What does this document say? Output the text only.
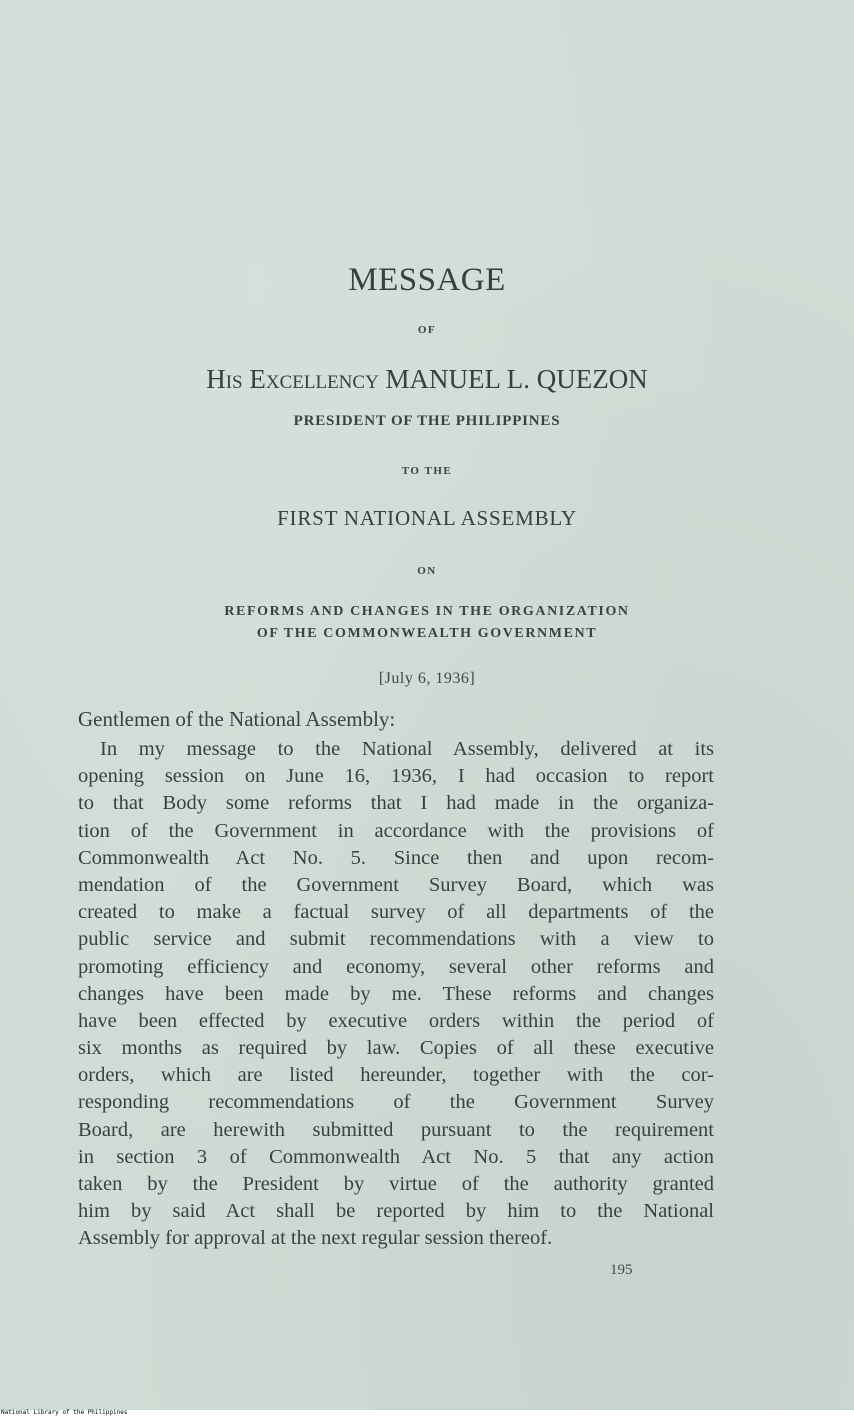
MESSAGE
OF
His Excellency MANUEL L. QUEZON
PRESIDENT OF THE PHILIPPINES
TO THE
FIRST NATIONAL ASSEMBLY
ON
REFORMS AND CHANGES IN THE ORGANIZATION
OF THE COMMONWEALTH GOVERNMENT
[July 6, 1936]
Gentlemen of the National Assembly:
In my message to the National Assembly, delivered at its
opening session on June 16, 1936, I had occasion to report
to that Body some reforms that I had made in the organiza-
tion of the Government in accordance with the provisions of
Commonwealth Act No. 5. Since then and upon recom-
mendation of the Government Survey Board, which was
created to make a factual survey of all departments of the
public service and submit recommendations with a view to
promoting efficiency and economy, several other reforms and
changes have been made by me. These reforms and changes
have been effected by executive orders within the period of
six months as required by law. Copies of all these executive
orders, which are listed hereunder, together with the cor-
responding recommendations of the Government Survey
Board, are herewith submitted pursuant to the requirement
in section 3 of Commonwealth Act No. 5 that any action
taken by the President by virtue of the authority granted
him by said Act shall be reported by him to the National
Assembly for approval at the next regular session thereof.
195
National Library of the Philippines
